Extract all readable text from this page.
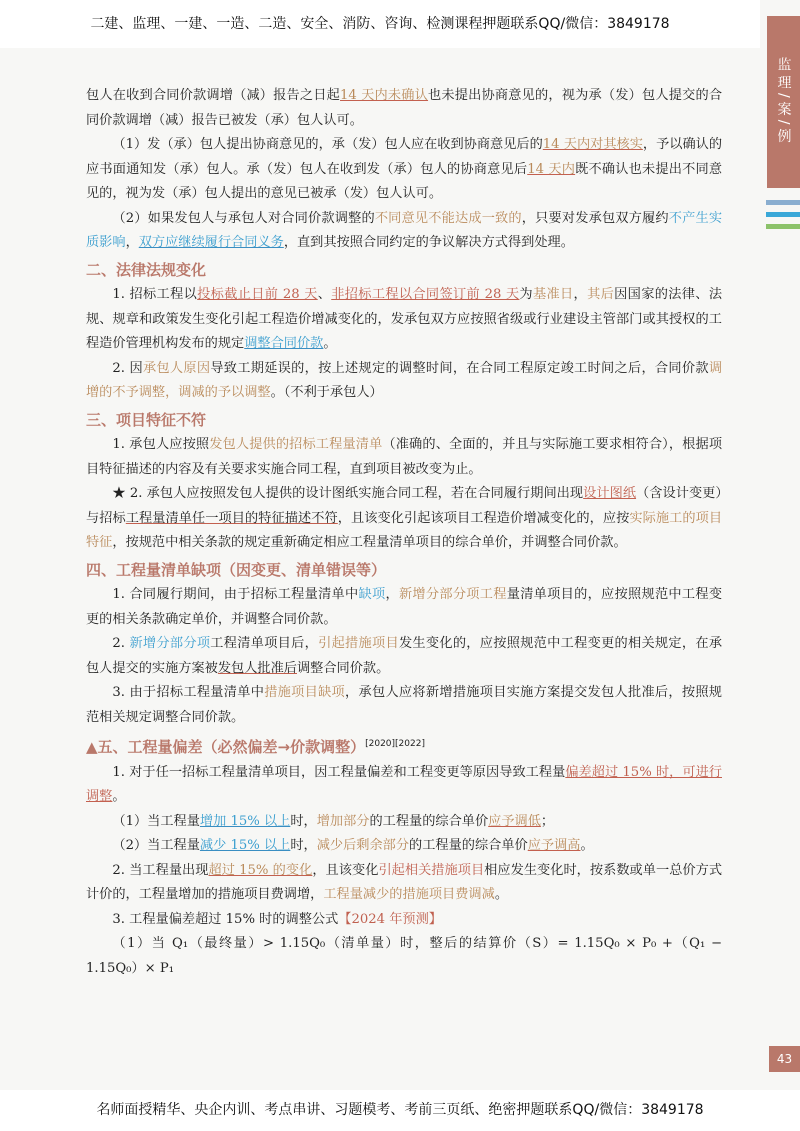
二建、监理、一建、一造、二造、安全、消防、咨询、检测课程押题联系QQ/微信：3849178
监理/案/例

包人在收到合同价款调增（减）报告之日起14 天内未确认也未提出协商意见的，视为承（发）包人提交的合同价款调增（减）报告已被发（承）包人认可。

（1）发（承）包人提出协商意见的，承（发）包人应在收到协商意见后的14 天内对其核实，予以确认的应书面通知发（承）包人。承（发）包人在收到发（承）包人的协商意见后14 天内既不确认也未提出不同意见的，视为发（承）包人提出的意见已被承（发）包人认可。

（2）如果发包人与承包人对合同价款调整的不同意见不能达成一致的，只要对发承包双方履约不产生实质影响，双方应继续履行合同义务，直到其按照合同约定的争议解决方式得到处理。

二、法律法规变化

1. 招标工程以投标截止日前 28 天、非招标工程以合同签订前 28 天为基准日，其后因国家的法律、法规、规章和政策发生变化引起工程造价增减变化的，发承包双方应按照省级或行业建设主管部门或其授权的工程造价管理机构发布的规定调整合同价款。

2. 因承包人原因导致工期延误的，按上述规定的调整时间，在合同工程原定竣工时间之后，合同价款调增的不予调整，调减的予以调整。（不利于承包人）

三、项目特征不符

1. 承包人应按照发包人提供的招标工程量清单（准确的、全面的，并且与实际施工要求相符合），根据项目特征描述的内容及有关要求实施合同工程，直到项目被改变为止。

★ 2. 承包人应按照发包人提供的设计图纸实施合同工程，若在合同履行期间出现设计图纸（含设计变更）与招标工程量清单任一项目的特征描述不符，且该变化引起该项目工程造价增减变化的，应按实际施工的项目特征，按规范中相关条款的规定重新确定相应工程量清单项目的综合单价，并调整合同价款。

四、工程量清单缺项（因变更、清单错误等）

1. 合同履行期间，由于招标工程量清单中缺项，新增分部分项工程量清单项目的，应按照规范中工程变更的相关条款确定单价，并调整合同价款。

2. 新增分部分项工程清单项目后，引起措施项目发生变化的，应按照规范中工程变更的相关规定，在承包人提交的实施方案被发包人批准后调整合同价款。

3. 由于招标工程量清单中措施项目缺项，承包人应将新增措施项目实施方案提交发包人批准后，按照规范相关规定调整合同价款。

▲五、工程量偏差（必然偏差→价款调整）[2020][2022]

1. 对于任一招标工程量清单项目，因工程量偏差和工程变更等原因导致工程量偏差超过 15% 时，可进行调整。

（1）当工程量增加 15% 以上时，增加部分的工程量的综合单价应予调低；

（2）当工程量减少 15% 以上时，减少后剩余部分的工程量的综合单价应予调高。

2. 当工程量出现超过 15% 的变化，且该变化引起相关措施项目相应发生变化时，按系数或单一总价方式计价的，工程量增加的措施项目费调增，工程量减少的措施项目费调减。

3. 工程量偏差超过 15% 时的调整公式【2024 年预测】

（1）当 Q₁（最终量）> 1.15Q₀（清单量）时，整后的结算价（S）= 1.15Q₀ × P₀ +（Q₁ − 1.15Q₀）× P₁

43
名师面授精华、央企内训、考点串讲、习题模考、考前三页纸、绝密押题联系QQ/微信：3849178
